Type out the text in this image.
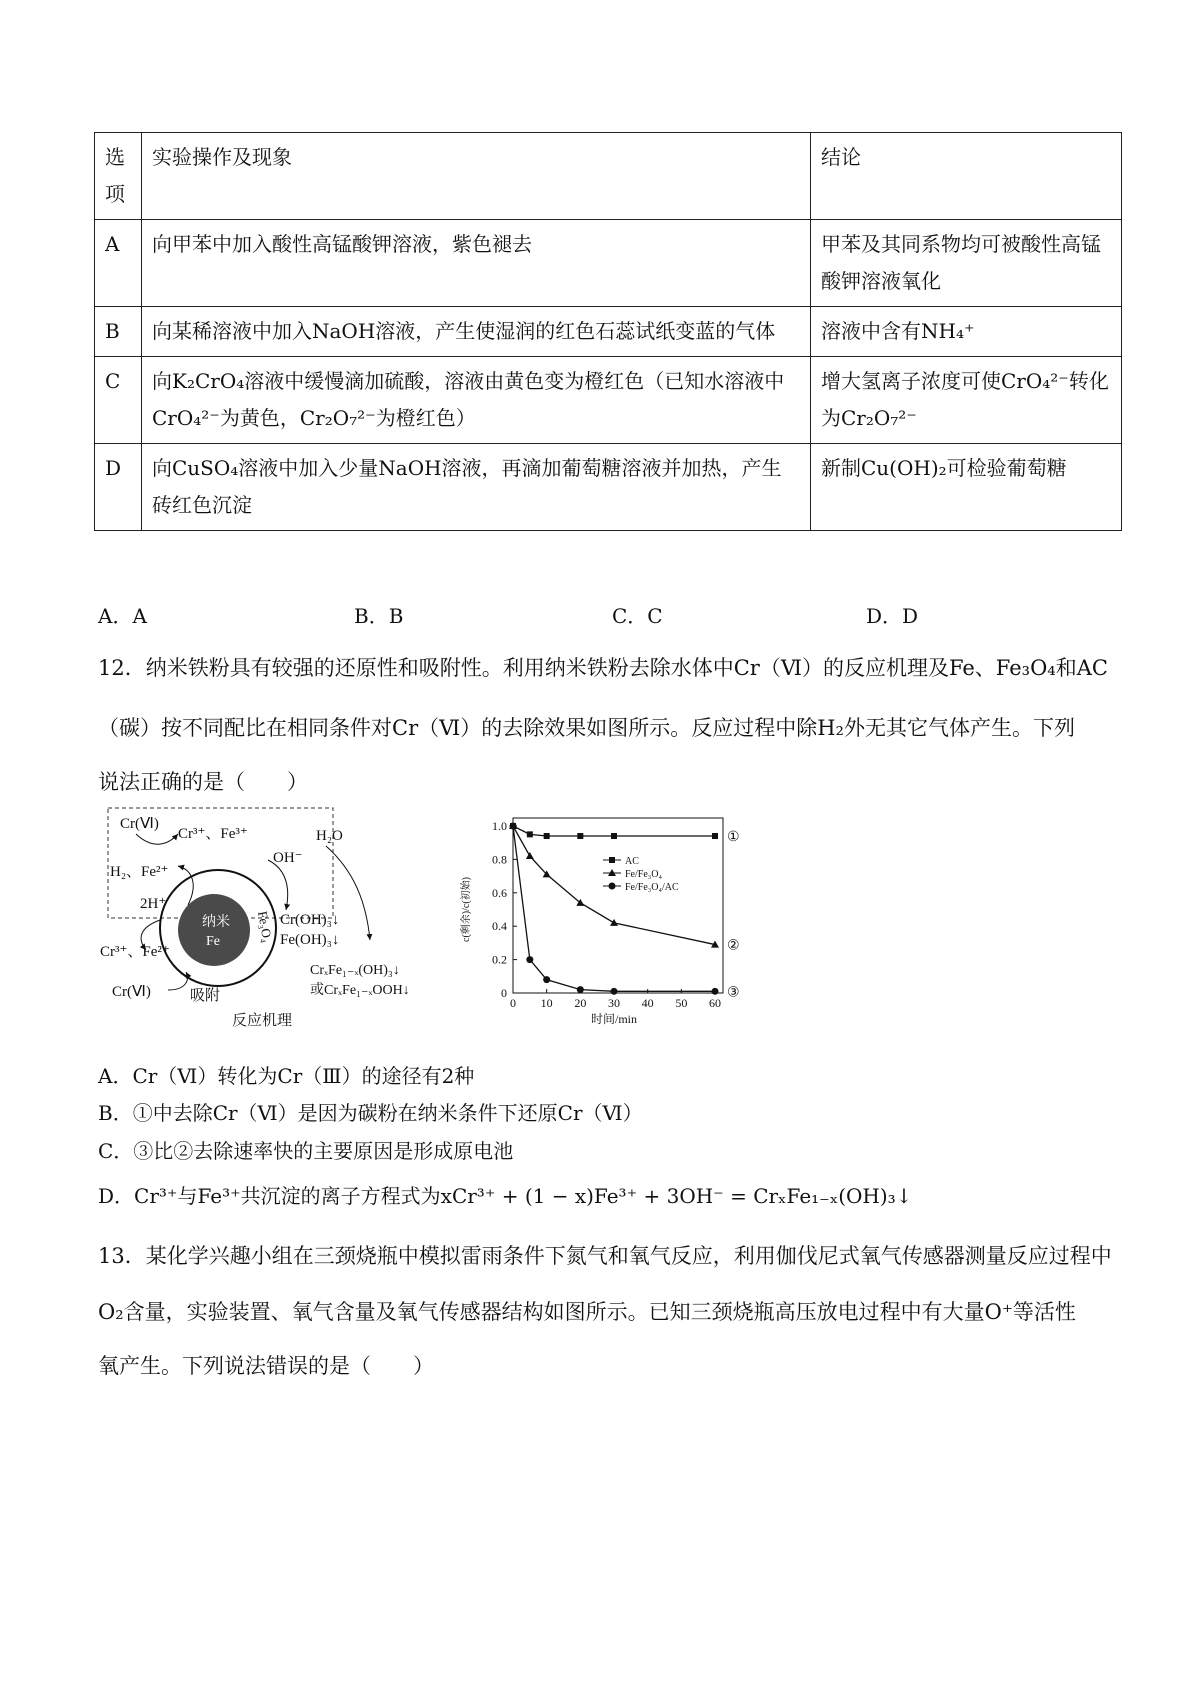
选项	实验操作及现象	结论
A	向甲苯中加入酸性高锰酸钾溶液，紫色褪去	甲苯及其同系物均可被酸性高锰酸钾溶液氧化
B	向某稀溶液中加入NaOH溶液，产生使湿润的红色石蕊试纸变蓝的气体	溶液中含有NH₄⁺
C	向K₂CrO₄溶液中缓慢滴加硫酸，溶液由黄色变为橙红色（已知水溶液中CrO₄²⁻为黄色，Cr₂O₇²⁻为橙红色）	增大氢离子浓度可使CrO₄²⁻转化为Cr₂O₇²⁻
D	向CuSO₄溶液中加入少量NaOH溶液，再滴加葡萄糖溶液并加热，产生砖红色沉淀	新制Cu(OH)₂可检验葡萄糖
A．A	B．B	C．C	D．D
12．纳米铁粉具有较强的还原性和吸附性。利用纳米铁粉去除水体中Cr（Ⅵ）的反应机理及Fe、Fe₃O₄和AC
（碳）按不同配比在相同条件对Cr（Ⅵ）的去除效果如图所示。反应过程中除H₂外无其它气体产生。下列
说法正确的是（　　）
Cr(Ⅵ)
Cr³⁺、Fe³⁺
H₂、Fe²⁺
2H⁺
OH⁻
H₂O
纳米
Fe	Fe₃O₄ Cr(OH)₃↓
Fe(OH)₃↓
Cr³⁺、Fe²⁺
Cr(Ⅵ)	吸附
CrₓFe₁₋ₓ(OH)₃↓
或CrₓFe₁₋ₓOOH↓
反应机理
0 10 20 30 40 50 60
0
0.2
0.4
0.6
0.8
1.0
①
②
③
AC
Fe/Fe₃O₄
Fe/Fe₃O₄/AC
时间/min
c(剩余)/c(初始)
A．Cr（Ⅵ）转化为Cr（Ⅲ）的途径有2种
B．①中去除Cr（Ⅵ）是因为碳粉在纳米条件下还原Cr（Ⅵ）
C．③比②去除速率快的主要原因是形成原电池
D．Cr³⁺与Fe³⁺共沉淀的离子方程式为xCr³⁺ + (1 − x)Fe³⁺ + 3OH⁻ = CrₓFe₁₋ₓ(OH)₃↓
13．某化学兴趣小组在三颈烧瓶中模拟雷雨条件下氮气和氧气反应，利用伽伐尼式氧气传感器测量反应过程中
O₂含量，实验装置、氧气含量及氧气传感器结构如图所示。已知三颈烧瓶高压放电过程中有大量O⁺等活性
氧产生。下列说法错误的是（　　）
